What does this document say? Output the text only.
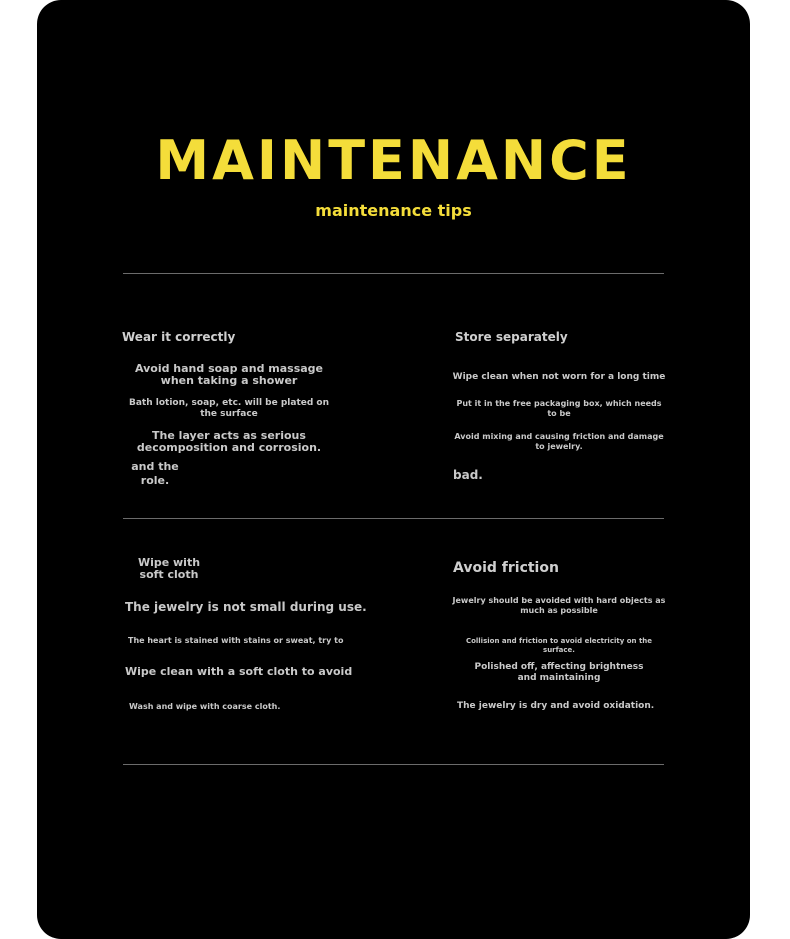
MAINTENANCE
maintenance tips
Wear it correctly
Avoid hand soap and massage when taking a shower
Bath lotion, soap, etc. will be plated on the surface
The layer acts as serious decomposition and corrosion.
and the role.
Store separately
Wipe clean when not worn for a long time
Put it in the free packaging box, which needs to be
Avoid mixing and causing friction and damage to jewelry.
bad.
Wipe with soft cloth
The jewelry is not small during use.
The heart is stained with stains or sweat, try to
Wipe clean with a soft cloth to avoid
Wash and wipe with coarse cloth.
Avoid friction
Jewelry should be avoided with hard objects as much as possible
Collision and friction to avoid electricity on the surface.
Polished off, affecting brightness and maintaining
The jewelry is dry and avoid oxidation.
